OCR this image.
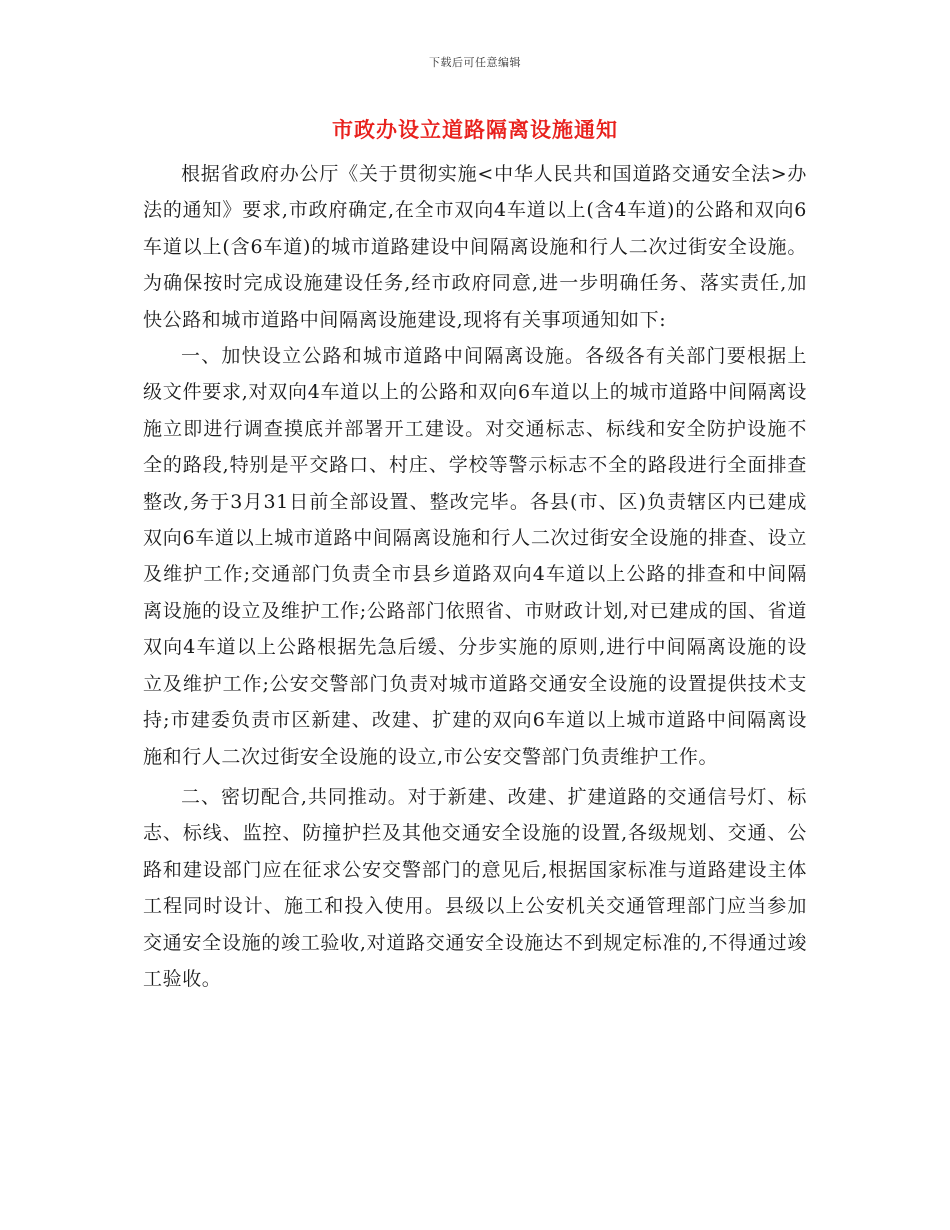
下载后可任意编辑
市政办设立道路隔离设施通知

根据省政府办公厅《关于贯彻实施<中华人民共和国道路交通安全法>办法的通知》要求,市政府确定,在全市双向4车道以上(含4车道)的公路和双向6车道以上(含6车道)的城市道路建设中间隔离设施和行人二次过街安全设施。为确保按时完成设施建设任务,经市政府同意,进一步明确任务、落实责任,加快公路和城市道路中间隔离设施建设,现将有关事项通知如下:

一、加快设立公路和城市道路中间隔离设施。各级各有关部门要根据上级文件要求,对双向4车道以上的公路和双向6车道以上的城市道路中间隔离设施立即进行调查摸底并部署开工建设。对交通标志、标线和安全防护设施不全的路段,特别是平交路口、村庄、学校等警示标志不全的路段进行全面排查整改,务于3月31日前全部设置、整改完毕。各县(市、区)负责辖区内已建成双向6车道以上城市道路中间隔离设施和行人二次过街安全设施的排查、设立及维护工作;交通部门负责全市县乡道路双向4车道以上公路的排查和中间隔离设施的设立及维护工作;公路部门依照省、市财政计划,对已建成的国、省道双向4车道以上公路根据先急后缓、分步实施的原则,进行中间隔离设施的设立及维护工作;公安交警部门负责对城市道路交通安全设施的设置提供技术支持;市建委负责市区新建、改建、扩建的双向6车道以上城市道路中间隔离设施和行人二次过街安全设施的设立,市公安交警部门负责维护工作。

二、密切配合,共同推动。对于新建、改建、扩建道路的交通信号灯、标志、标线、监控、防撞护拦及其他交通安全设施的设置,各级规划、交通、公路和建设部门应在征求公安交警部门的意见后,根据国家标准与道路建设主体工程同时设计、施工和投入使用。县级以上公安机关交通管理部门应当参加交通安全设施的竣工验收,对道路交通安全设施达不到规定标准的,不得通过竣工验收。
